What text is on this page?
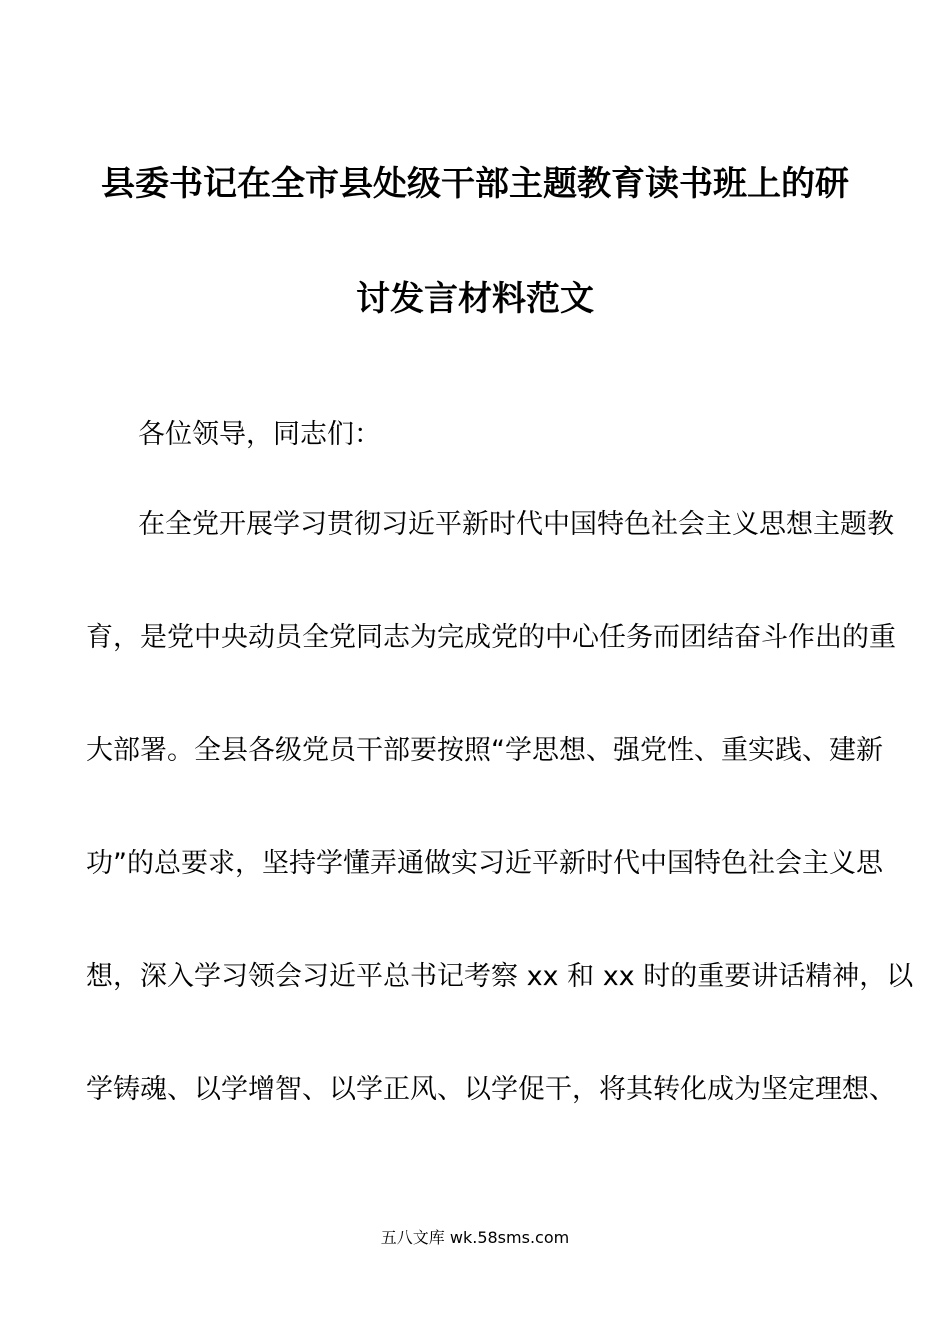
县委书记在全市县处级干部主题教育读书班上的研
讨发言材料范文
各位领导，同志们：
在全党开展学习贯彻习近平新时代中国特色社会主义思想主题教
育，是党中央动员全党同志为完成党的中心任务而团结奋斗作出的重
大部署。全县各级党员干部要按照“学思想、强党性、重实践、建新
功”的总要求，坚持学懂弄通做实习近平新时代中国特色社会主义思
想，深入学习领会习近平总书记考察 xx 和 xx 时的重要讲话精神，以
学铸魂、以学增智、以学正风、以学促干，将其转化成为坚定理想、
五八文库 wk.58sms.com
